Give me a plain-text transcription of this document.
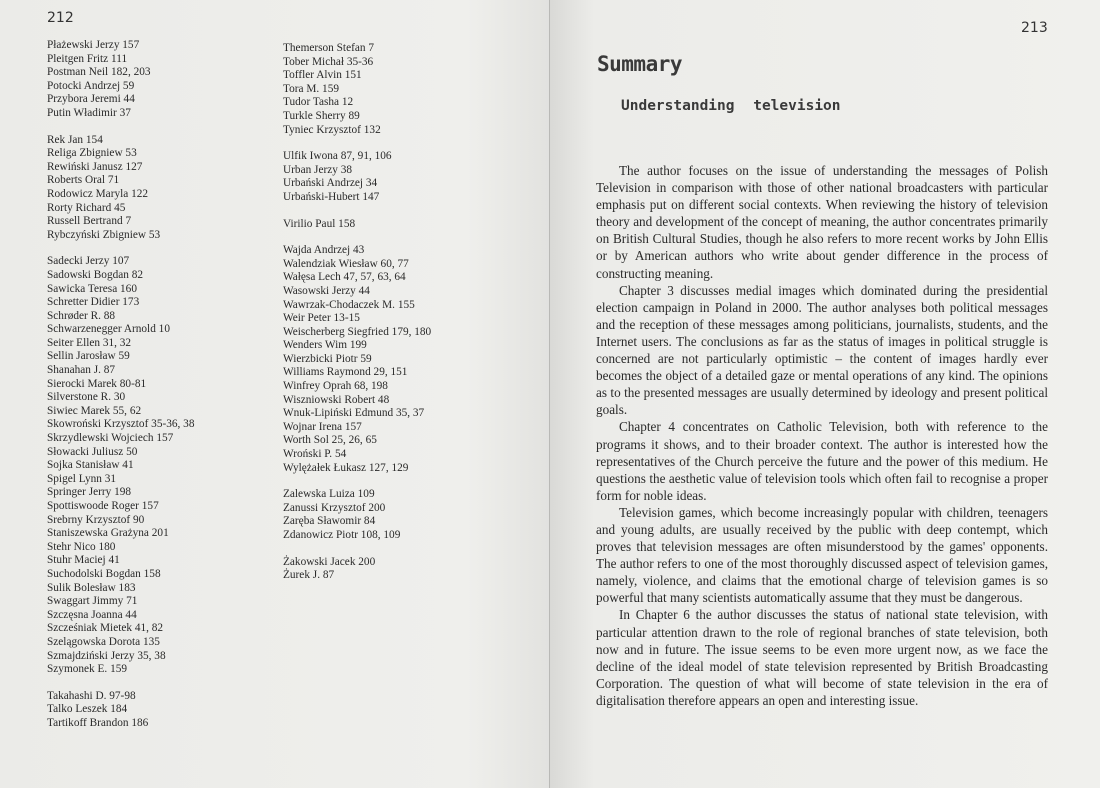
212
Płażewski Jerzy 157
Pleitgen Fritz 111
Postman Neil 182, 203
Potocki Andrzej 59
Przybora Jeremi 44
Putin Władimir 37
Rek Jan 154
Religa Zbigniew 53
Rewiński Janusz 127
Roberts Oral 71
Rodowicz Maryla 122
Rorty Richard 45
Russell Bertrand 7
Rybczyński Zbigniew 53
Sadecki Jerzy 107
Sadowski Bogdan 82
Sawicka Teresa 160
Schretter Didier 173
Schrøder R. 88
Schwarzenegger Arnold 10
Seiter Ellen 31, 32
Sellin Jarosław 59
Shanahan J. 87
Sierocki Marek 80-81
Silverstone R. 30
Siwiec Marek 55, 62
Skowroński Krzysztof 35-36, 38
Skrzydlewski Wojciech 157
Słowacki Juliusz 50
Sojka Stanisław 41
Spigel Lynn 31
Springer Jerry 198
Spottiswoode Roger 157
Srebrny Krzysztof 90
Staniszewska Grażyna 201
Stehr Nico 180
Stuhr Maciej 41
Suchodolski Bogdan 158
Sulik Bolesław 183
Swaggart Jimmy 71
Szczęsna Joanna 44
Szcześniak Mietek 41, 82
Szelągowska Dorota 135
Szmajdziński Jerzy 35, 38
Szymonek E. 159
Takahashi D. 97-98
Talko Leszek 184
Tartikoff Brandon 186
Themerson Stefan 7
Tober Michał 35-36
Toffler Alvin 151
Tora M. 159
Tudor Tasha 12
Turkle Sherry 89
Tyniec Krzysztof 132
Ulfik Iwona 87, 91, 106
Urban Jerzy 38
Urbański Andrzej 34
Urbański-Hubert 147
Virilio Paul 158
Wajda Andrzej 43
Walendziak Wiesław 60, 77
Wałęsa Lech 47, 57, 63, 64
Wasowski Jerzy 44
Wawrzak-Chodaczek M. 155
Weir Peter 13-15
Weischerberg Siegfried 179, 180
Wenders Wim 199
Wierzbicki Piotr 59
Williams Raymond 29, 151
Winfrey Oprah 68, 198
Wiszniowski Robert 48
Wnuk-Lipiński Edmund 35, 37
Wojnar Irena 157
Worth Sol 25, 26, 65
Wroński P. 54
Wylężałek Łukasz 127, 129
Zalewska Luiza 109
Zanussi Krzysztof 200
Zaręba Sławomir 84
Zdanowicz Piotr 108, 109
Żakowski Jacek 200
Żurek J. 87
213
Summary
Understanding television

The author focuses on the issue of understanding the messages of Polish Television in comparison with those of other national broadcasters with particular emphasis put on different social contexts. When reviewing the history of television theory and development of the concept of meaning, the author concentrates primarily on British Cultural Studies, though he also refers to more recent works by John Ellis or by American authors who write about gender difference in the process of constructing meaning.

Chapter 3 discusses medial images which dominated during the presidential election campaign in Poland in 2000. The author analyses both political messages and the reception of these messages among politicians, journalists, students, and the Internet users. The conclusions as far as the status of images in political struggle is concerned are not particularly optimistic – the content of images hardly ever becomes the object of a detailed gaze or mental operations of any kind. The opinions as to the presented messages are usually determined by ideology and present political goals.

Chapter 4 concentrates on Catholic Television, both with reference to the programs it shows, and to their broader context. The author is interested how the representatives of the Church perceive the future and the power of this medium. He questions the aesthetic value of television tools which often fail to recognise a proper form for noble ideas.

Television games, which become increasingly popular with children, teenagers and young adults, are usually received by the public with deep contempt, which proves that television messages are often misunderstood by the games' opponents. The author refers to one of the most thoroughly discussed aspect of television games, namely, violence, and claims that the emotional charge of television games is so powerful that many scientists automatically assume that they must be dangerous.

In Chapter 6 the author discusses the status of national state television, with particular attention drawn to the role of regional branches of state television, both now and in future. The issue seems to be even more urgent now, as we face the decline of the ideal model of state television represented by British Broadcasting Corporation. The question of what will become of state television in the era of digitalisation therefore appears an open and interesting issue.
